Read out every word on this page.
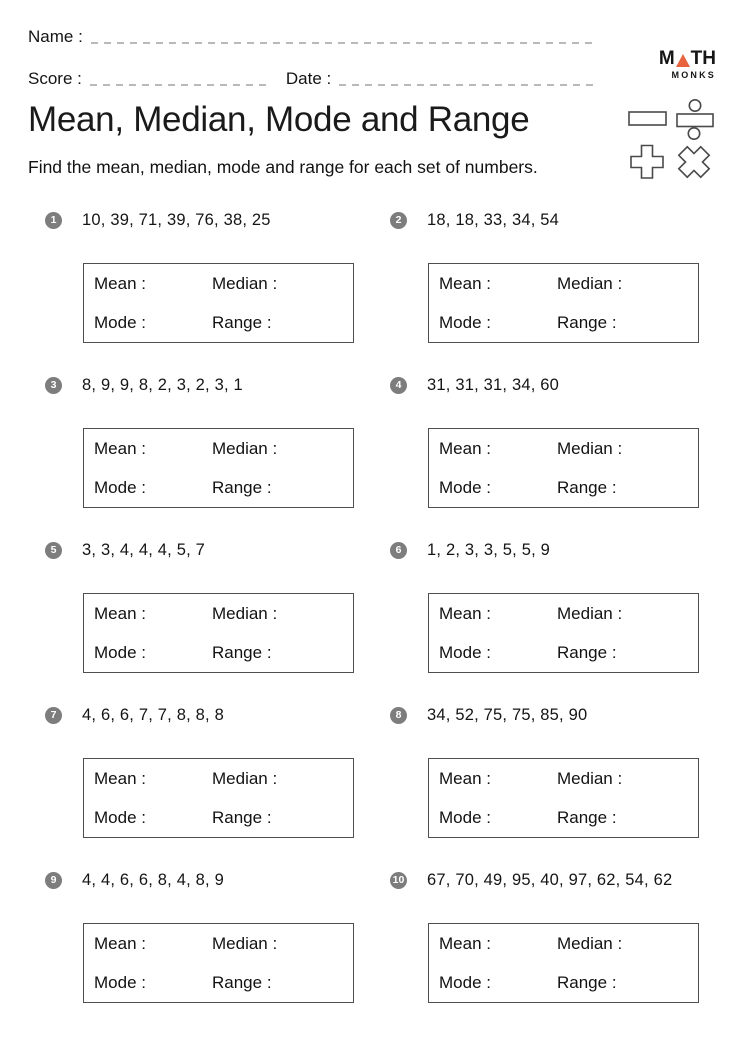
Name :
Score :	Date :
M TH
MONKS
Mean, Median, Mode and Range
Find the mean, median, mode and range for each set of numbers.
1	10, 39, 71, 39, 76, 38, 25
Mean :	Median :
Mode :	Range :
2	18, 18, 33, 34, 54
Mean :	Median :
Mode :	Range :
3	8, 9, 9, 8, 2, 3, 2, 3, 1
Mean :	Median :
Mode :	Range :
4	31, 31, 31, 34, 60
Mean :	Median :
Mode :	Range :
5	3, 3, 4, 4, 4, 5, 7
Mean :	Median :
Mode :	Range :
6	1, 2, 3, 3, 5, 5, 9
Mean :	Median :
Mode :	Range :
7	4, 6, 6, 7, 7, 8, 8, 8
Mean :	Median :
Mode :	Range :
8	34, 52, 75, 75, 85, 90
Mean :	Median :
Mode :	Range :
9	4, 4, 6, 6, 8, 4, 8, 9
Mean :	Median :
Mode :	Range :
10 67, 70, 49, 95, 40, 97, 62, 54, 62
Mean :	Median :
Mode :	Range :
